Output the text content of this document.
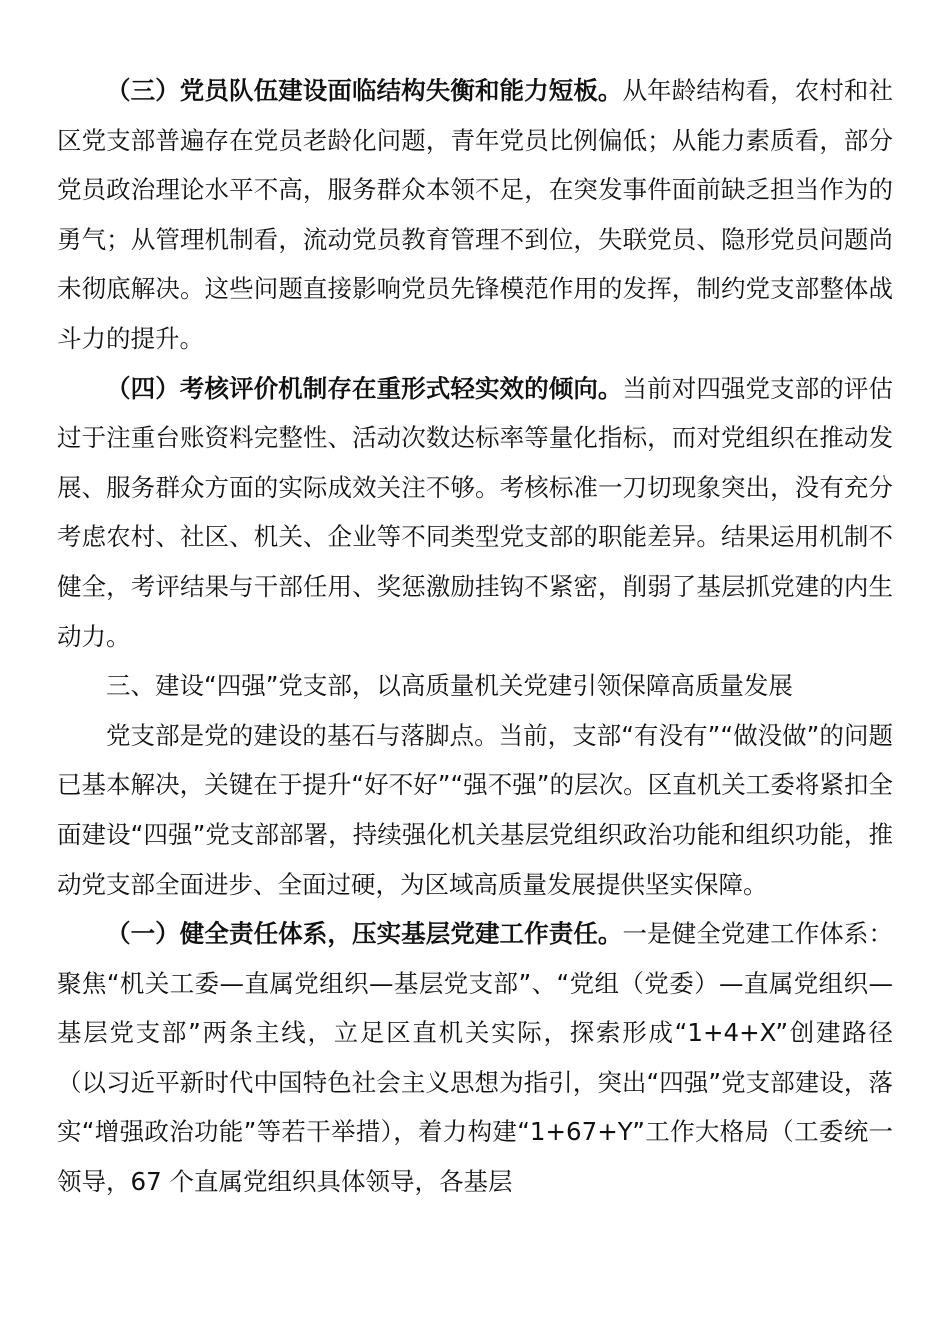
（三）党员队伍建设面临结构失衡和能力短板。从年龄结构看，农村和社区党支部普遍存在党员老龄化问题，青年党员比例偏低；从能力素质看，部分党员政治理论水平不高，服务群众本领不足，在突发事件面前缺乏担当作为的勇气；从管理机制看，流动党员教育管理不到位，失联党员、隐形党员问题尚未彻底解决。这些问题直接影响党员先锋模范作用的发挥，制约党支部整体战斗力的提升。

（四）考核评价机制存在重形式轻实效的倾向。当前对四强党支部的评估过于注重台账资料完整性、活动次数达标率等量化指标，而对党组织在推动发展、服务群众方面的实际成效关注不够。考核标准一刀切现象突出，没有充分考虑农村、社区、机关、企业等不同类型党支部的职能差异。结果运用机制不健全，考评结果与干部任用、奖惩激励挂钩不紧密，削弱了基层抓党建的内生动力。

三、建设“四强”党支部，以高质量机关党建引领保障高质量发展

党支部是党的建设的基石与落脚点。当前，支部“有没有”“做没做”的问题已基本解决，关键在于提升“好不好”“强不强”的层次。区直机关工委将紧扣全面建设“四强”党支部部署，持续强化机关基层党组织政治功能和组织功能，推动党支部全面进步、全面过硬，为区域高质量发展提供坚实保障。

（一）健全责任体系，压实基层党建工作责任。一是健全党建工作体系：聚焦“机关工委—直属党组织—基层党支部”、“党组（党委）—直属党组织—基层党支部”两条主线，立足区直机关实际，探索形成“1+4+X”创建路径（以习近平新时代中国特色社会主义思想为指引，突出“四强”党支部建设，落实“增强政治功能”等若干举措），着力构建“1+67+Y”工作大格局（工委统一领导，67 个直属党组织具体领导，各基层
